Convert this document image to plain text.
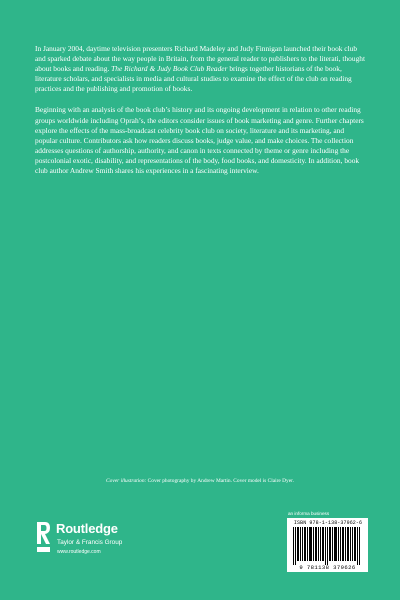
In January 2004, daytime television presenters Richard Madeley and Judy Finnigan launched their book club and sparked debate about the way people in Britain, from the general reader to publishers to the literati, thought about books and reading. The Richard & Judy Book Club Reader brings together historians of the book, literature scholars, and specialists in media and cultural studies to examine the effect of the club on reading practices and the publishing and promotion of books.

Beginning with an analysis of the book club’s history and its ongoing development in relation to other reading groups worldwide including Oprah’s, the editors consider issues of book marketing and genre. Further chapters explore the effects of the mass-broadcast celebrity book club on society, literature and its marketing, and popular culture. Contributors ask how readers discuss books, judge value, and make choices. The collection addresses questions of authorship, authority, and canon in texts connected by theme or genre including the postcolonial exotic, disability, and representations of the body, food books, and domesticity. In addition, book club author Andrew Smith shares his experiences in a fascinating interview.

Cover illustration: Cover photography by Andrew Martin. Cover model is Claire Dyer.
an informa business
ISBN 978-1-138-37962-6
9 781138 379626
Routledge
Taylor & Francis Group
www.routledge.com
